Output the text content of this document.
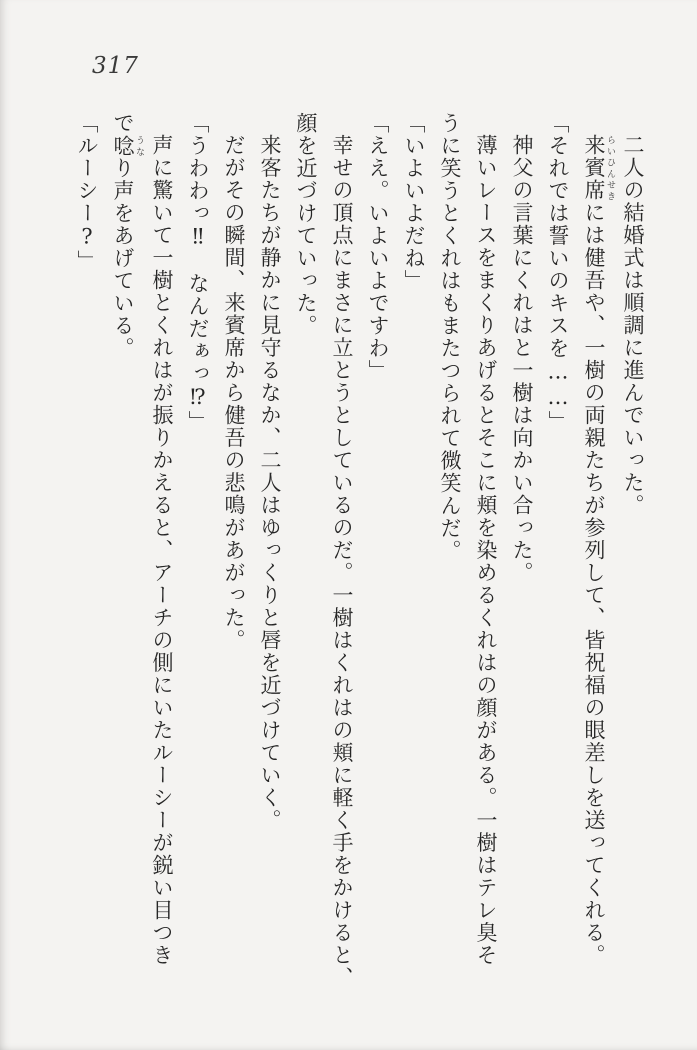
317

二人の結婚式は順調に進んでいった。

来賓席 らいひんせきには健吾や、一樹の両親たちが参列して、皆祝福の眼差しを送ってくれる。

「それでは誓いのキスを……」

神父の言葉にくれはと一樹は向かい合った。

薄いレースをまくりあげるとそこに頬を染めるくれはの顔がある。一樹はテレ臭そ

うに笑うとくれはもまたつられて微笑んだ。

「いよいよだね」

「ええ。いよいよですわ」

幸せの頂点にまさに立とうとしているのだ。一樹はくれはの頬に軽く手をかけると、

顔を近づけていった。

来客たちが静かに見守るなか、二人はゆっくりと唇を近づけていく。

だがその瞬間、来賓席から健吾の悲鳴があがった。

「うわわっ‼　なんだぁっ⁉」

声に驚いて一樹とくれはが振りかえると、アーチの側にいたルーシーが鋭い目つき

で唸 うなり声をあげている。

「ルーシー?」
